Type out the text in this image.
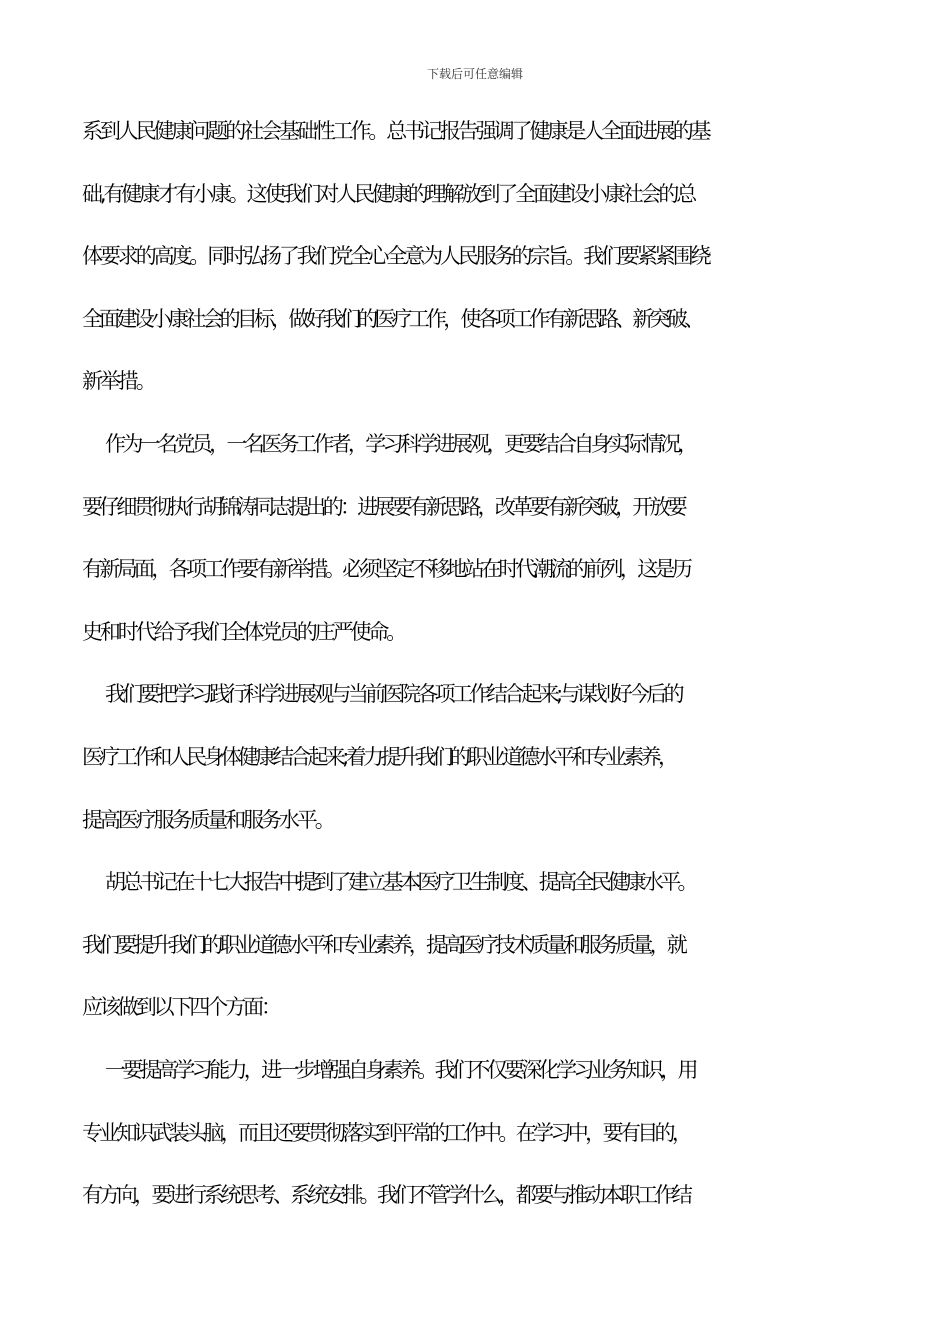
下载后可任意编辑
系到人民健康问题的社会基础性工作。总书记报告强调了健康是人全面进展的基
础,有健康才有小康。这使我们对人民健康的理解放到了全面建设小康社会的总
体要求的高度。同时弘扬了我们党全心全意为人民服务的宗旨。我们要紧紧围绕
全面建设小康社会的目标，做好我们的医疗工作，使各项工作有新思路、新突破、
新举措。
作为一名党员，一名医务工作者，学习科学进展观，更要结合自身实际情况，
要仔细贯彻执行胡锦涛同志提出的：进展要有新思路，改革要有新突破，开放要
有新局面，各项工作要有新举措。必须坚定不移地站在时代潮流的前列，这是历
史和时代给予我们全体党员的庄严使命。
我们要把学习践行科学进展观与当前医院各项工作结合起来;与谋划好今后的
医疗工作和人民身体健康结合起来;着力提升我们的职业道德水平和专业素养，
提高医疗服务质量和服务水平。
胡总书记在十七大报告中提到了建立基本医疗卫生制度、提高全民健康水平。
我们要提升我们的职业道德水平和专业素养，提高医疗技术质量和服务质量，就
应该做到以下四个方面：
一要提高学习能力，进一步增强自身素养。我们不仅要深化学习业务知识，用
专业知识武装头脑，而且还要贯彻落实到平常的工作中。在学习中，要有目的，
有方向，要进行系统思考、系统安排。我们不管学什么，都要与推动本职工作结
